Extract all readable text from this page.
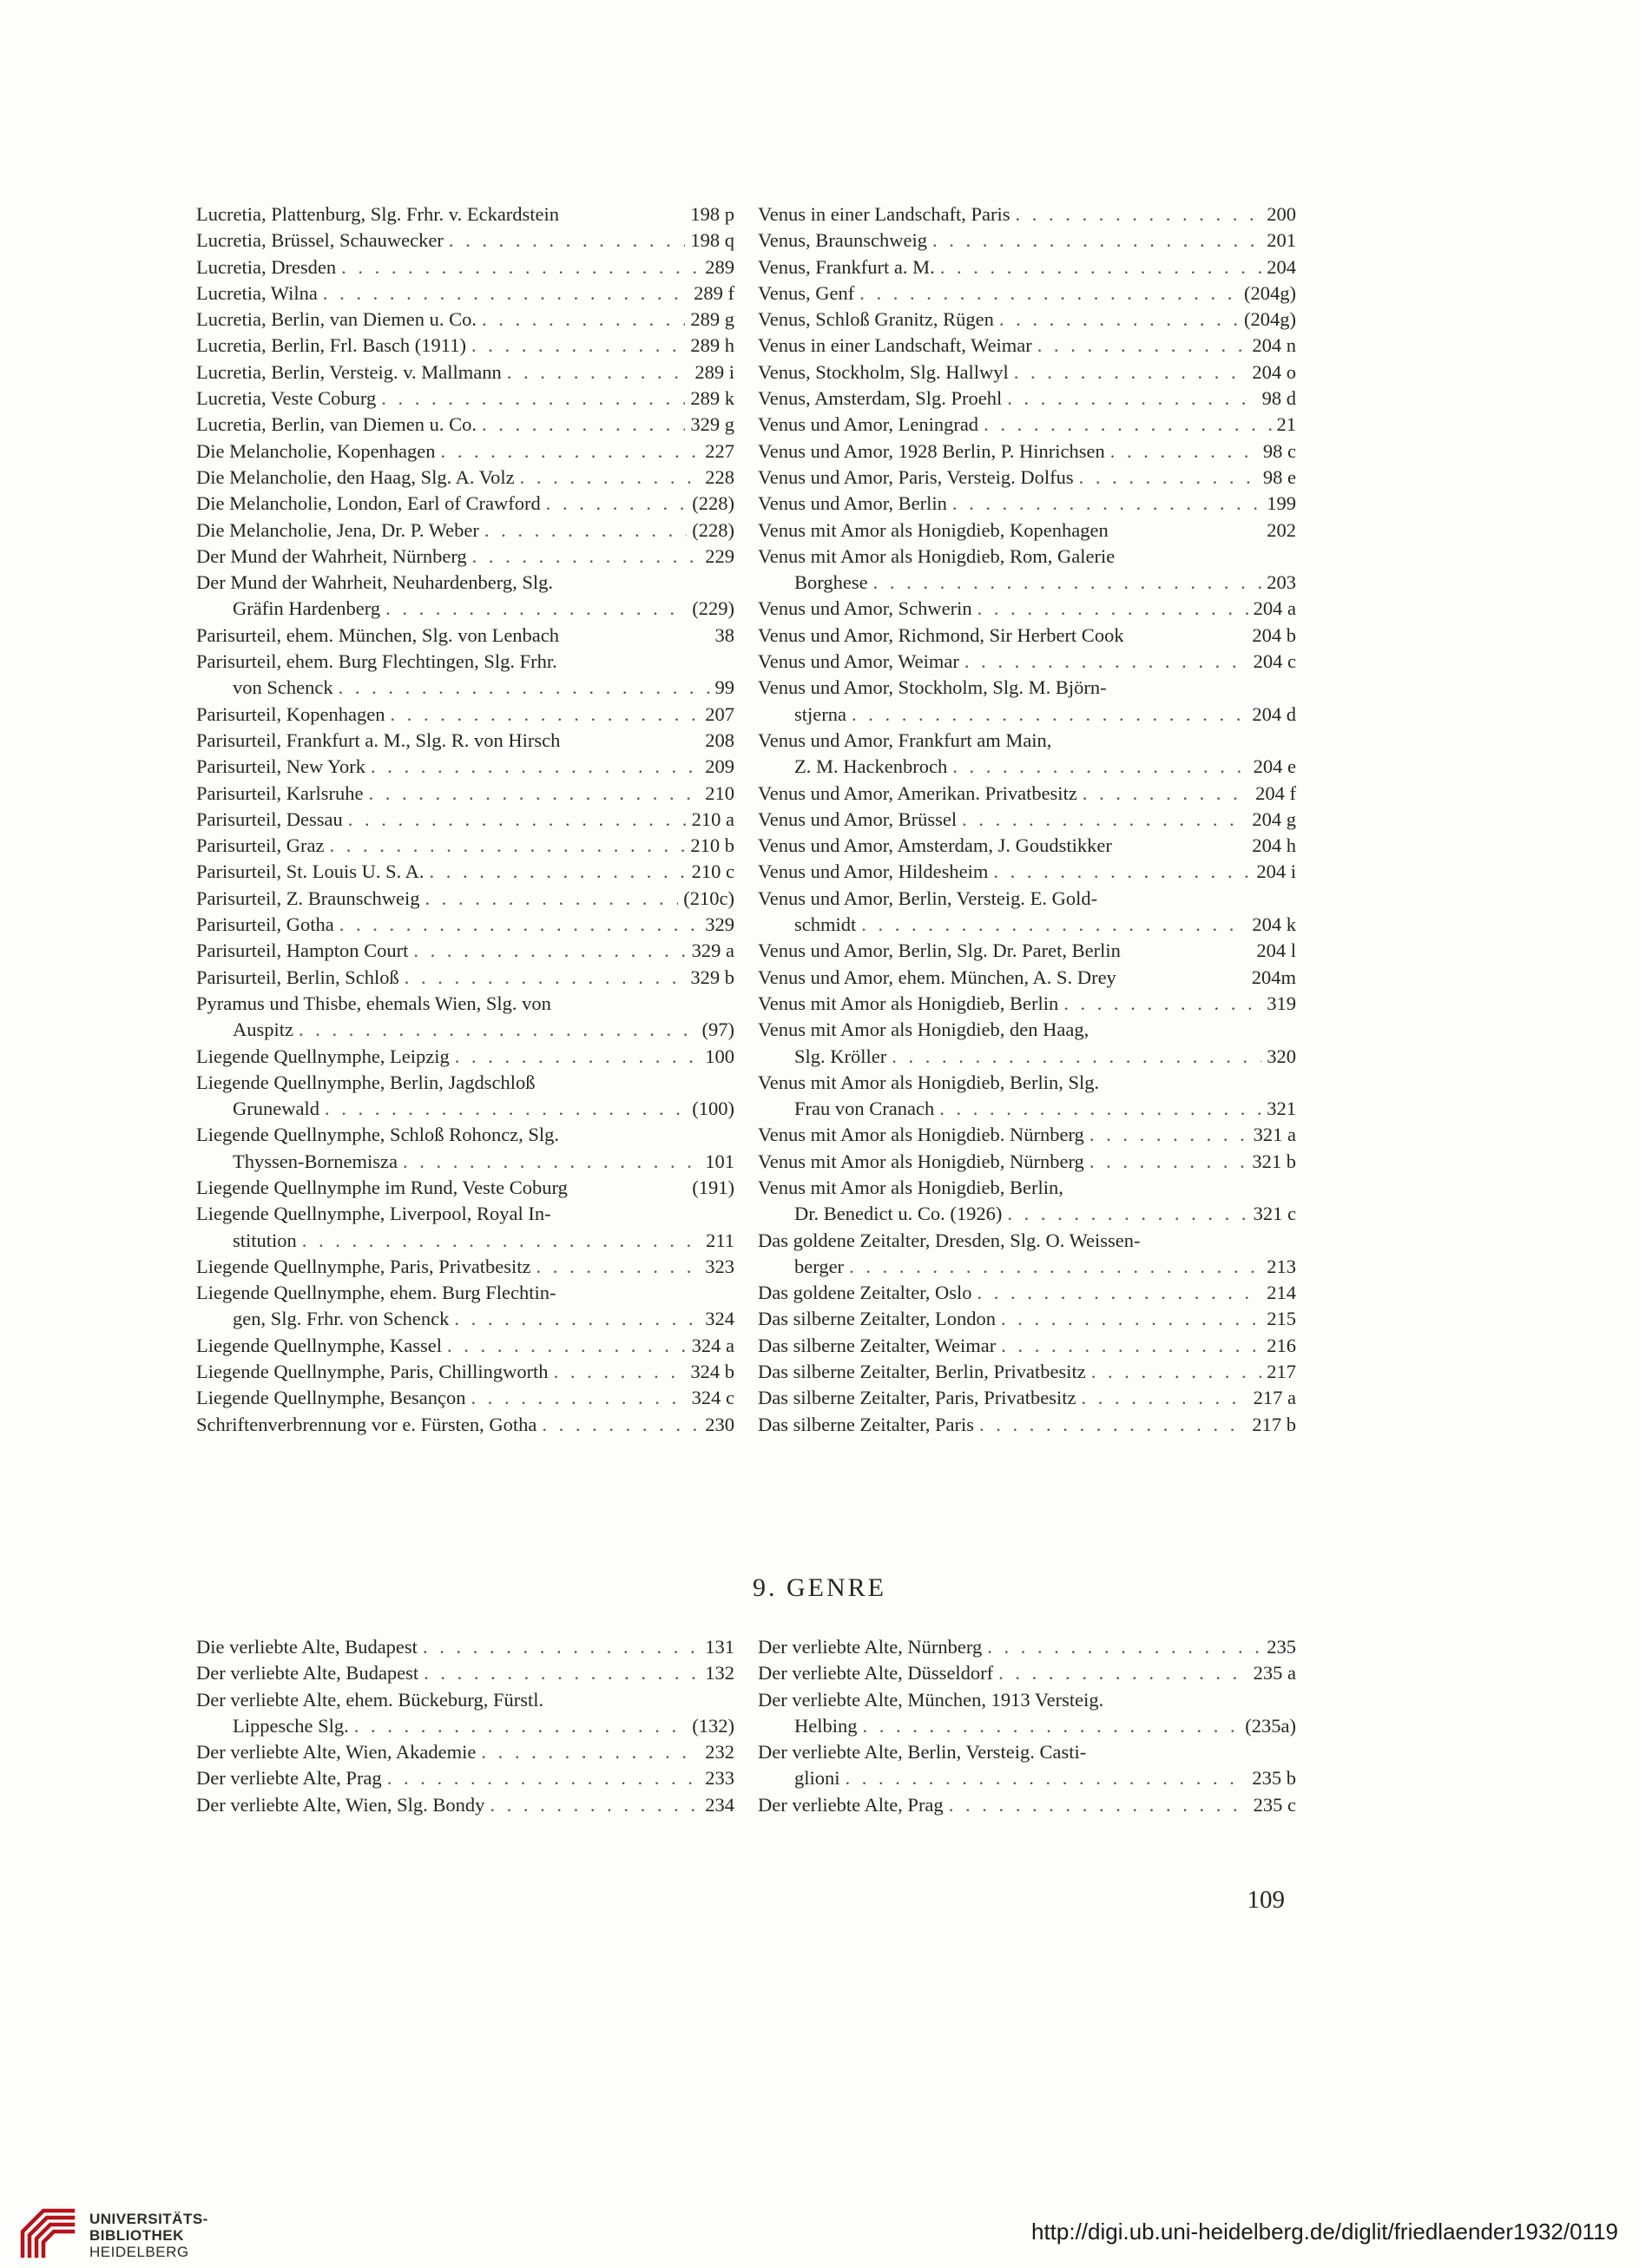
Lucretia, Plattenburg, Slg. Frhr. v. Eckardstein	198 p
Lucretia, Brüssel, Schauwecker . . .	198 q
Lucretia, Dresden . . .	289
Lucretia, Wilna . . .	289 f
Lucretia, Berlin, van Diemen u. Co. . . .	289 g
Lucretia, Berlin, Frl. Basch (1911) . . .	289 h
Lucretia, Berlin, Versteig. v. Mallmann . . .	289 i
Lucretia, Veste Coburg . . .	289 k
Lucretia, Berlin, van Diemen u. Co. . . .	329 g
Die Melancholie, Kopenhagen . . .	227
Die Melancholie, den Haag, Slg. A. Volz . . .	228
Die Melancholie, London, Earl of Crawford . . .	(228)
Die Melancholie, Jena, Dr. P. Weber . . .	(228)
Der Mund der Wahrheit, Nürnberg . . .	229
Der Mund der Wahrheit, Neuhardenberg, Slg.
Gräfin Hardenberg . . .	(229)
Parisurteil, ehem. München, Slg. von Lenbach	38
Parisurteil, ehem. Burg Flechtingen, Slg. Frhr.
von Schenck . . .	99
Parisurteil, Kopenhagen . . .	207
Parisurteil, Frankfurt a. M., Slg. R. von Hirsch	208
Parisurteil, New York . . .	209
Parisurteil, Karlsruhe . . .	210
Parisurteil, Dessau . . .	210 a
Parisurteil, Graz . . .	210 b
Parisurteil, St. Louis U. S. A. . . .	210 c
Parisurteil, Z. Braunschweig . . .	(210c)
Parisurteil, Gotha . . .	329
Parisurteil, Hampton Court . . .	329 a
Parisurteil, Berlin, Schloß . . .	329 b
Pyramus und Thisbe, ehemals Wien, Slg. von
Auspitz . . .	(97)
Liegende Quellnymphe, Leipzig . . .	100
Liegende Quellnymphe, Berlin, Jagdschloß
Grunewald . . .	(100)
Liegende Quellnymphe, Schloß Rohoncz, Slg.
Thyssen-Bornemisza . . .	101
Liegende Quellnymphe im Rund, Veste Coburg	(191)
Liegende Quellnymphe, Liverpool, Royal In-
stitution . . .	211
Liegende Quellnymphe, Paris, Privatbesitz . . .	323
Liegende Quellnymphe, ehem. Burg Flechtin-
gen, Slg. Frhr. von Schenck . . .	324
Liegende Quellnymphe, Kassel . . .	324 a
Liegende Quellnymphe, Paris, Chillingworth . . .	324 b
Liegende Quellnymphe, Besançon . . .	324 c
Schriftenverbrennung vor e. Fürsten, Gotha . . .	230
Venus in einer Landschaft, Paris . . .	200
Venus, Braunschweig . . .	201
Venus, Frankfurt a. M. . . .	204
Venus, Genf . . .	(204g)
Venus, Schloß Granitz, Rügen . . .	(204g)
Venus in einer Landschaft, Weimar . . .	204 n
Venus, Stockholm, Slg. Hallwyl . . .	204 o
Venus, Amsterdam, Slg. Proehl . . .	98 d
Venus und Amor, Leningrad . . .	21
Venus und Amor, 1928 Berlin, P. Hinrichsen . . .	98 c
Venus und Amor, Paris, Versteig. Dolfus . . .	98 e
Venus und Amor, Berlin . . .	199
Venus mit Amor als Honigdieb, Kopenhagen	202
Venus mit Amor als Honigdieb, Rom, Galerie
Borghese . . .	203
Venus und Amor, Schwerin . . .	204 a
Venus und Amor, Richmond, Sir Herbert Cook	204 b
Venus und Amor, Weimar . . .	204 c
Venus und Amor, Stockholm, Slg. M. Björn-
stjerna . . .	204 d
Venus und Amor, Frankfurt am Main,
Z. M. Hackenbroch . . .	204 e
Venus und Amor, Amerikan. Privatbesitz . . .	204 f
Venus und Amor, Brüssel . . .	204 g
Venus und Amor, Amsterdam, J. Goudstikker	204 h
Venus und Amor, Hildesheim . . .	204 i
Venus und Amor, Berlin, Versteig. E. Gold-
schmidt . . .	204 k
Venus und Amor, Berlin, Slg. Dr. Paret, Berlin	204 l
Venus und Amor, ehem. München, A. S. Drey	204m
Venus mit Amor als Honigdieb, Berlin . . .	319
Venus mit Amor als Honigdieb, den Haag,
Slg. Kröller . . .	320
Venus mit Amor als Honigdieb, Berlin, Slg.
Frau von Cranach . . .	321
Venus mit Amor als Honigdieb. Nürnberg . . .	321 a
Venus mit Amor als Honigdieb, Nürnberg . . .	321 b
Venus mit Amor als Honigdieb, Berlin,
Dr. Benedict u. Co. (1926) . . .	321 c
Das goldene Zeitalter, Dresden, Slg. O. Weissen-
berger . . .	213
Das goldene Zeitalter, Oslo . . .	214
Das silberne Zeitalter, London . . .	215
Das silberne Zeitalter, Weimar . . .	216
Das silberne Zeitalter, Berlin, Privatbesitz . . .	217
Das silberne Zeitalter, Paris, Privatbesitz . . .	217 a
Das silberne Zeitalter, Paris . . .	217 b
9. GENRE
Die verliebte Alte, Budapest . . .	131
Der verliebte Alte, Budapest . . .	132
Der verliebte Alte, ehem. Bückeburg, Fürstl.
Lippesche Slg. . . .	(132)
Der verliebte Alte, Wien, Akademie . . .	232
Der verliebte Alte, Prag . . .	233
Der verliebte Alte, Wien, Slg. Bondy . . .	234
Der verliebte Alte, Nürnberg . . .	235
Der verliebte Alte, Düsseldorf . . .	235 a
Der verliebte Alte, München, 1913 Versteig.
Helbing . . .	(235a)
Der verliebte Alte, Berlin, Versteig. Casti-
glioni . . .	235 b
Der verliebte Alte, Prag . . .	235 c
109
UNIVERSITÄTS-
BIBLIOTHEK
HEIDELBERG
http://digi.ub.uni-heidelberg.de/diglit/friedlaender1932/0119
